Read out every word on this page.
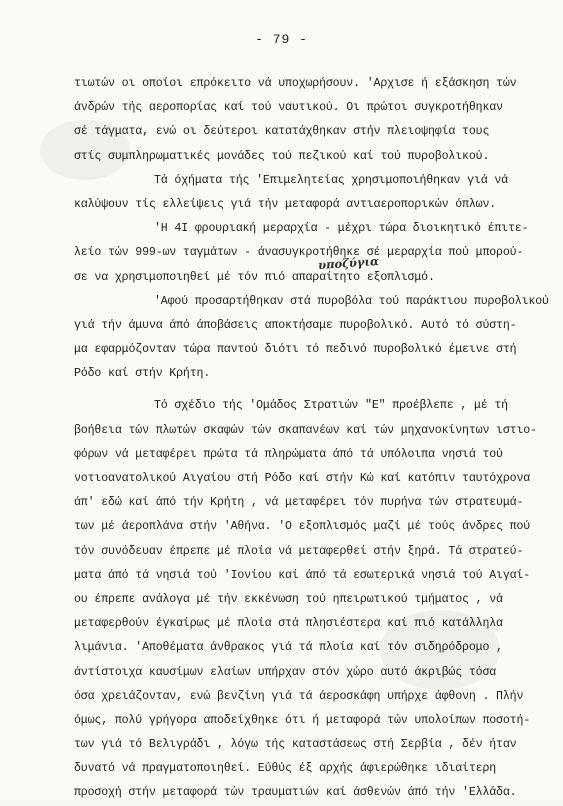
- 79 -
υποζύγια
τιωτών οι οποίοι επρόκειτο νά υποχωρήσουν. 'Αρχισε ή εξάσκηση τών
άνδρών τής αεροπορίας καί τού ναυτικού. Οι πρώτοι συγκροτήθηκαν
σέ τάγματα, ενώ οι δεύτεροι κατατάχθηκαν στήν πλειοψηφία τους
στίς συμπληρωματικές μονάδες τού πεζικού καί τού πυροβολικού.
Τά όχήματα τής 'Επιμελητείας χρησιμοποιήθηκαν γιά νά
καλύψουν τίς ελλείψεις γιά τήν μεταφορά αντιαεροπορικών όπλων.
'Η 4Ι φρουριακή μεραρχία - μέχρι τώρα διοικητικό έπιτε-
λείο τών 999-ων ταγμάτων - άνασυγκροτήθηκε σέ μεραρχία πού μπορού-
σε να χρησιμοποιηθεί μέ τόν πιό απαραίτητο εξοπλισμό.
'Αφού προσαρτήθηκαν στά πυροβόλα τού παράκτιου πυροβολικού
γιά τήν άμυνα άπό άποβάσεις αποκτήσαμε πυροβολικό. Αυτό τό σύστη-
μα εφαρμόζονταν τώρα παντού διότι τό πεδινό πυροβολικό έμεινε στή
Ρόδο καί στήν Κρήτη.
Τό σχέδιο τής 'Ομάδος Στρατιών "Ε" προέβλεπε , μέ τή
βοήθεια τών πλωτών σκαφών τών σκαπανέων καί τών μηχανοκίνητων ιστιο-
φόρων νά μεταφέρει πρώτα τά πληρώματα άπό τά υπόλοιπα νησιά τού
νοτιοανατολικού Αιγαίου στή Ρόδο καί στήν Κώ καί κατόπιν ταυτόχρονα
άπ' εδώ καί άπό τήν Κρήτη , νά μεταφέρει τόν πυρήνα τών στρατευμά-
των μέ άεροπλάνα στήν 'Αθήνα. 'Ο εξοπλισμός μαζί μέ τούς άνδρες πού
τόν συνόδευαν έπρεπε μέ πλοία νά μεταφερθεί στήν ξηρά. Τά στρατεύ-
ματα άπό τά νησιά τού 'Ιονίου καί άπό τά εσωτερικά νησιά τού Αιγαί-
ου έπρεπε ανάλογα μέ τήν εκκένωση τού ηπειρωτικού τμήματος , νά
μεταφερθούν έγκαίρως μέ πλοία στά πλησιέστερα καί πιό κατάλληλα
λιμάνια. 'Αποθέματα άνθρακος γιά τά πλοία καί τόν σιδηρόδρομο ,
άντίστοιχα καυσίμων ελαίων υπήρχαν στόν χώρο αυτό άκριβώς τόσα
όσα χρειάζονταν, ενώ βενζίνη γιά τά άεροσκάφη υπήρχε άφθονη . Πλήν
όμως, πολύ γρήγορα αποδείχθηκε ότι ή μεταφορά τών υπολοίπων ποσοτή-
των γιά τό Βελιγράδι , λόγω τής καταστάσεως στή Σερβία , δέν ήταν
δυνατό νά πραγματοποιηθεί. Εύθύς έξ αρχής άφιερώθηκε ιδιαίτερη
προσοχή στήν μεταφορά τών τραυματιών καί άσθενών άπό τήν 'Ελλάδα.
